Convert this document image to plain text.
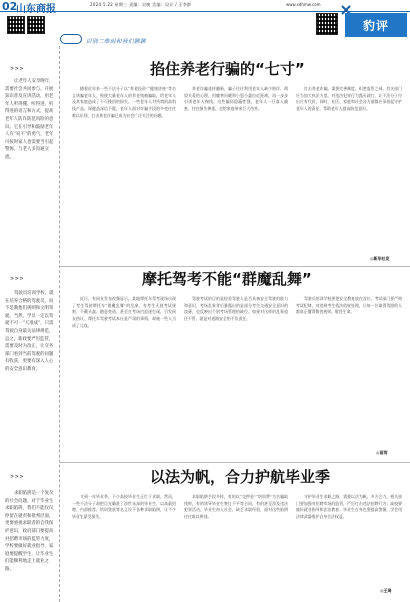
02
山东商报	2024.5.22 星期三 责编：吴晚 美编：设计 / 王李群	www.sdhmw.com
豹评
识别二维码和我们聊聊
>>>

让老年人安享晚年，需要社会共同参与。开展知识普及宣讲活动，用老年人听得懂、听得进、听得进的语言和方式，提高老年人防诈防范风险的意识。它在引导和鼓励老年人有“说不”的勇气，老年可按时家人也需要当引起警惕，与老人多沟通交流。

>>>

驾驶员培训学校、就在培养合格的驾驶员，而不是教他们规则和文明驾驶。当然，学员一定以驾驶不可一“天准成”，只需驾驶自身最关法律规范，总之，新政要严厉监管，需要及时为改正，让交务部门看到当前驾驶的问题有收获，更要有深入人心的安全意识教育。

>>>

求职陷阱是一个复杂的社会问题，对于毕业生求职陷阱，我们不能仅仅停留在谴责和批判层面，更要重视求职者的自我保护意识，政府部门要提高对招聘市场的监管力度，学校要做好就业指导，家庭要提醒学生，让毕业生们能顺利地走上就业之路。

掐住养老行骗的“七寸”
随着近年来一些不法分子以“养老投资”“健康讲座”等名义诱骗老年人，致使大量老年人的养老钱被骗取，给老年人及其家庭造成了不可挽回的损失。一些老年人对所谓的高科技产品、保健品深信不疑，老年人面对诈骗手段的多变往往难以识别，打击养老诈骗已成为社会广泛关注的问题。
养老诈骗花样翻新，骗子往往利用老年人缺少陪伴、渴望关爱的心理，用嘘寒问暖和小恩小惠拉近距离，再一步步引诱老年人掏钱。这些骗局隐蔽性强，老年人一旦落入圈套，往往损失惨重，也给家庭带来巨大伤害。
打击养老诈骗，需要完善制度，织密监管之网。有关部门应当加大执法力度，对违法犯罪行为露头就打，让不法分子付出应有代价。同时，社区、家庭和社会各方面都应承担起守护老年人的责任，帮助老年人提高防范意识。
◎新华社发
摩托驾考不能“群魔乱舞”
近日，有网友发布视频显示，某地摩托车驾考现场出现了考生驾驶摩托车“群魔乱舞”的乱象，有考生无视考试规则，不戴头盔、随意变道，甚至在考场内追逐打闹，引发网友热议。摩托车驾驶考试本应是严肃的事情，却被一些人当成了儿戏。
驾驶考试的目的是检验驾驶人是否具备安全驾驶的能力和意识，考场乱象背后暴露出的是部分考生交通安全意识的淡薄，也反映出个别考场管理的缺位。如果对这样的乱象放任不管，就是对道路安全的不负责任。
驾驶员培训学校要把安全教育放在首位，考试部门要严格考试纪律，对违规考生依法依规处理，让每一位取得驾照的人都真正懂得敬畏规则、敬畏生命。
◎苗雨
以法为帆，合力护航毕业季
又到一年毕业季，不少高校毕业生正忙于求职。然而，一些不法分子却把目光瞄准了涉世未深的毕业生，以高薪招聘、内部推荐、培训贷款等名义设下各种求职陷阱，让不少毕业生蒙受损失。
求职陷阱手段多样，有的以“交押金”“培训费”为名骗取钱财，有的诱导毕业生签订不平等合同，有的甚至涉及违法犯罪活动。毕业生初入社会，缺乏求职经验，面对这些陷阱往往难以辨别。
守护毕业生求职之路，需要以法为帆、多方合力。相关部门要加强对招聘市场的监管，严厉打击违法招聘行为；高校要做好就业指导和法治教育；毕业生自身也要提高警惕，学会用法律武器维护自身合法权益。
◎王琦
